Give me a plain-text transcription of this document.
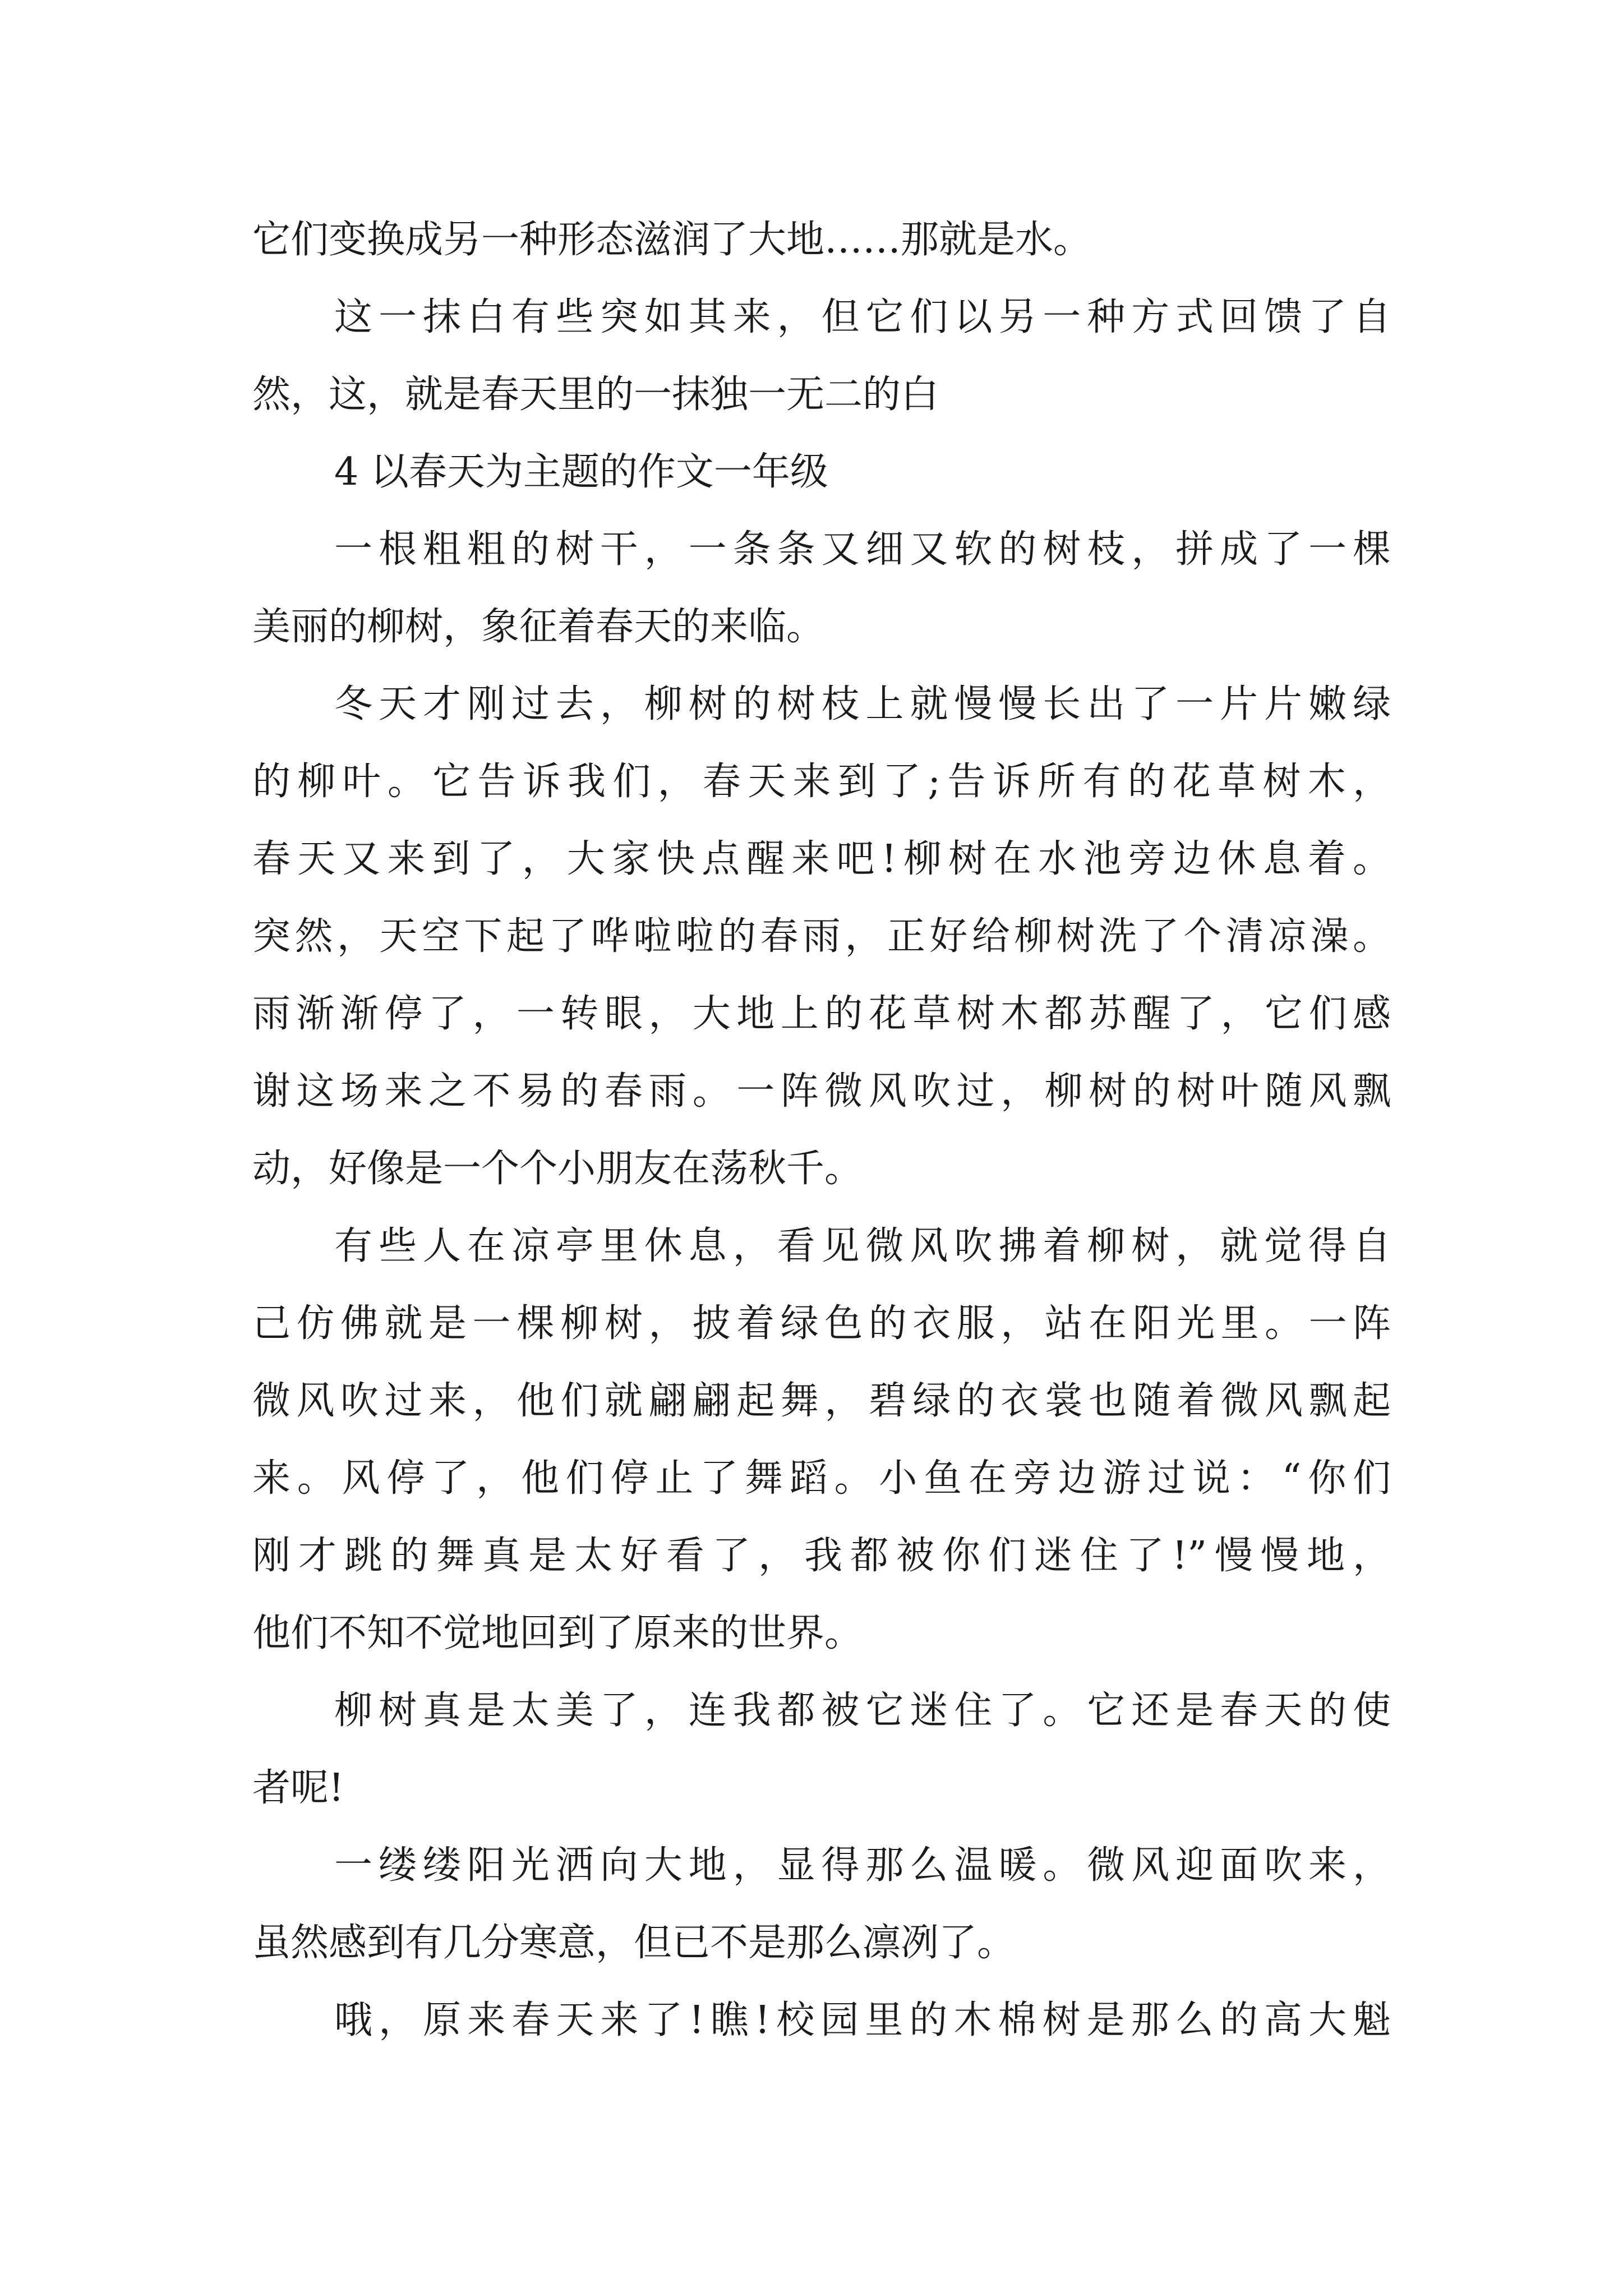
它们变换成另一种形态滋润了大地……那就是水。
这一抹白有些突如其来，但它们以另一种方式回馈了自
然，这，就是春天里的一抹独一无二的白
4 以春天为主题的作文一年级
一根粗粗的树干，一条条又细又软的树枝，拼成了一棵
美丽的柳树，象征着春天的来临。
冬天才刚过去，柳树的树枝上就慢慢长出了一片片嫩绿
的柳叶。它告诉我们，春天来到了;告诉所有的花草树木，
春天又来到了，大家快点醒来吧!柳树在水池旁边休息着。
突然，天空下起了哗啦啦的春雨，正好给柳树洗了个清凉澡。
雨渐渐停了，一转眼，大地上的花草树木都苏醒了，它们感
谢这场来之不易的春雨。一阵微风吹过，柳树的树叶随风飘
动，好像是一个个小朋友在荡秋千。
有些人在凉亭里休息，看见微风吹拂着柳树，就觉得自
己仿佛就是一棵柳树，披着绿色的衣服，站在阳光里。一阵
微风吹过来，他们就翩翩起舞，碧绿的衣裳也随着微风飘起
来。风停了，他们停止了舞蹈。小鱼在旁边游过说：“你们
刚才跳的舞真是太好看了，我都被你们迷住了!”慢慢地，
他们不知不觉地回到了原来的世界。
柳树真是太美了，连我都被它迷住了。它还是春天的使
者呢!
一缕缕阳光洒向大地，显得那么温暖。微风迎面吹来，
虽然感到有几分寒意，但已不是那么凛冽了。
哦，原来春天来了!瞧!校园里的木棉树是那么的高大魁
